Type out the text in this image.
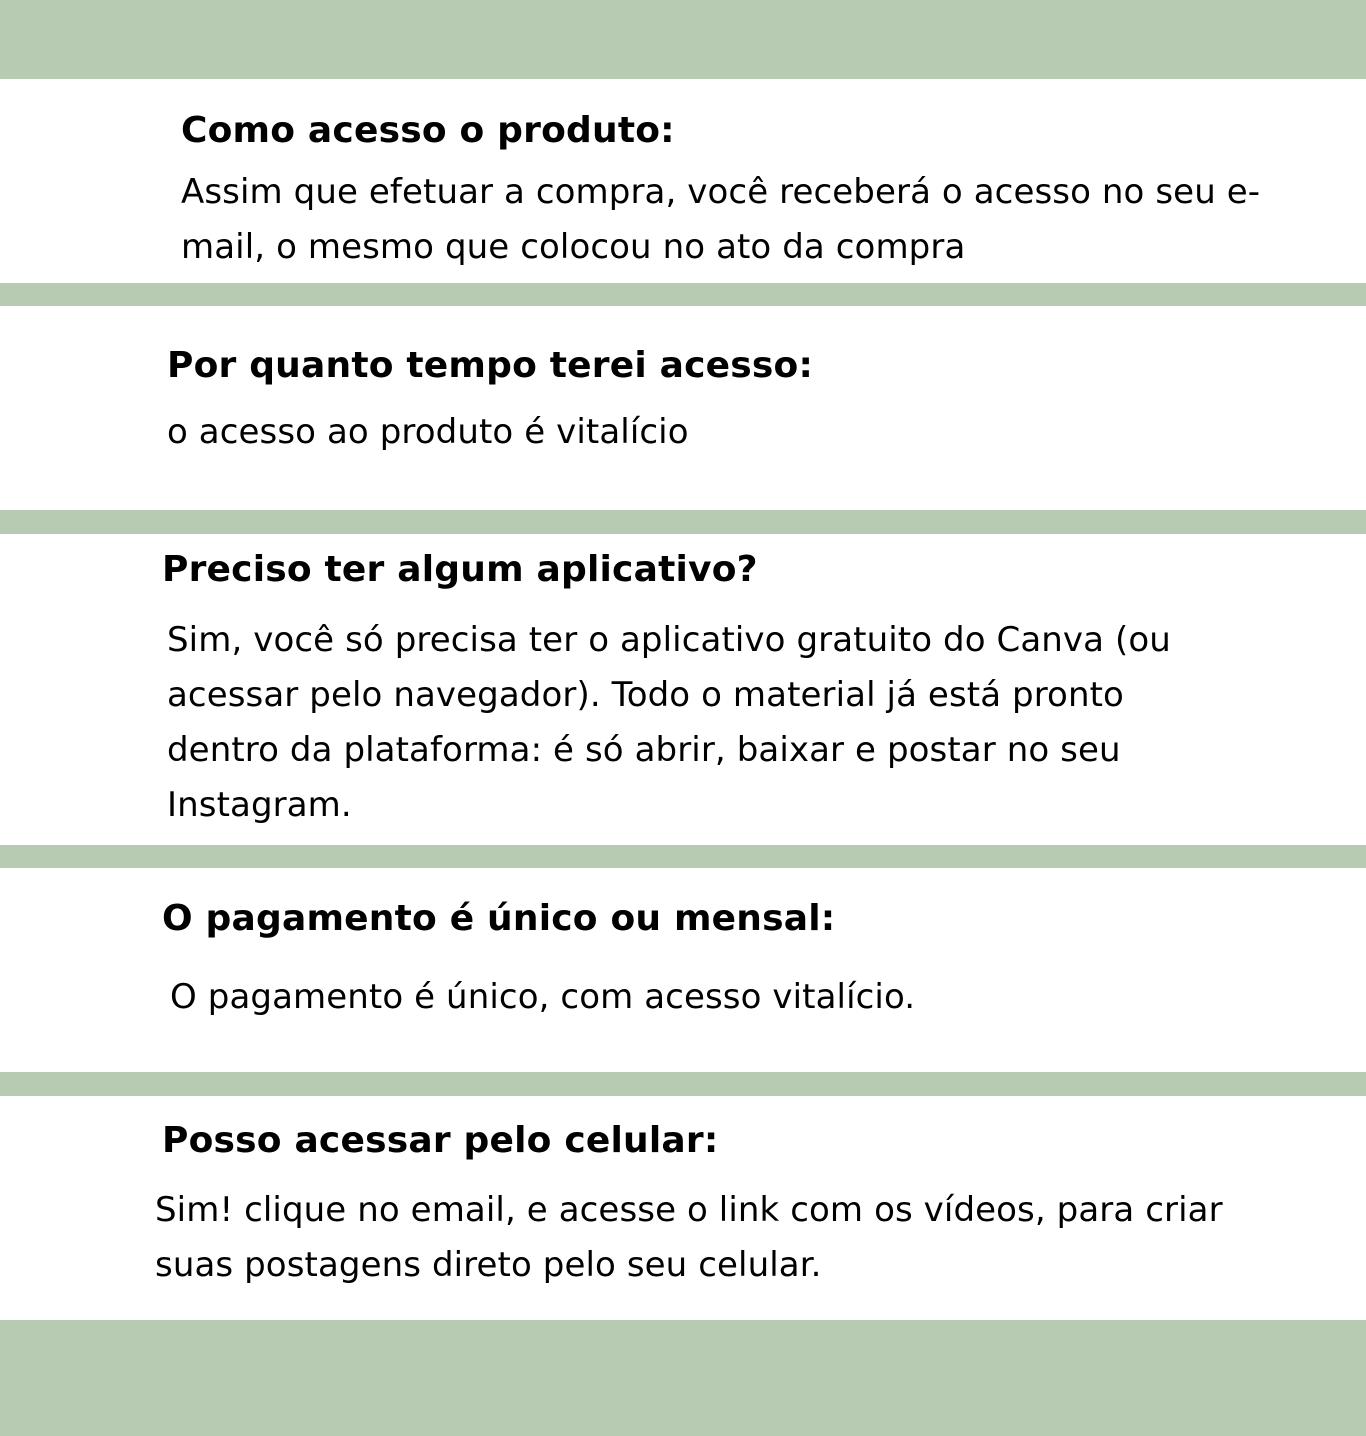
Como acesso o produto:

Assim que efetuar a compra, você receberá o acesso no seu e-mail, o mesmo que colocou no ato da compra

Por quanto tempo terei acesso:

o acesso ao produto é vitalício

Preciso ter algum aplicativo?

Sim, você só precisa ter o aplicativo gratuito do Canva (ou acessar pelo navegador). Todo o material já está pronto dentro da plataforma: é só abrir, baixar e postar no seu Instagram.

O pagamento é único ou mensal:

O pagamento é único, com acesso vitalício.

Posso acessar pelo celular:

Sim! clique no email, e acesse o link com os vídeos, para criar suas postagens direto pelo seu celular.
